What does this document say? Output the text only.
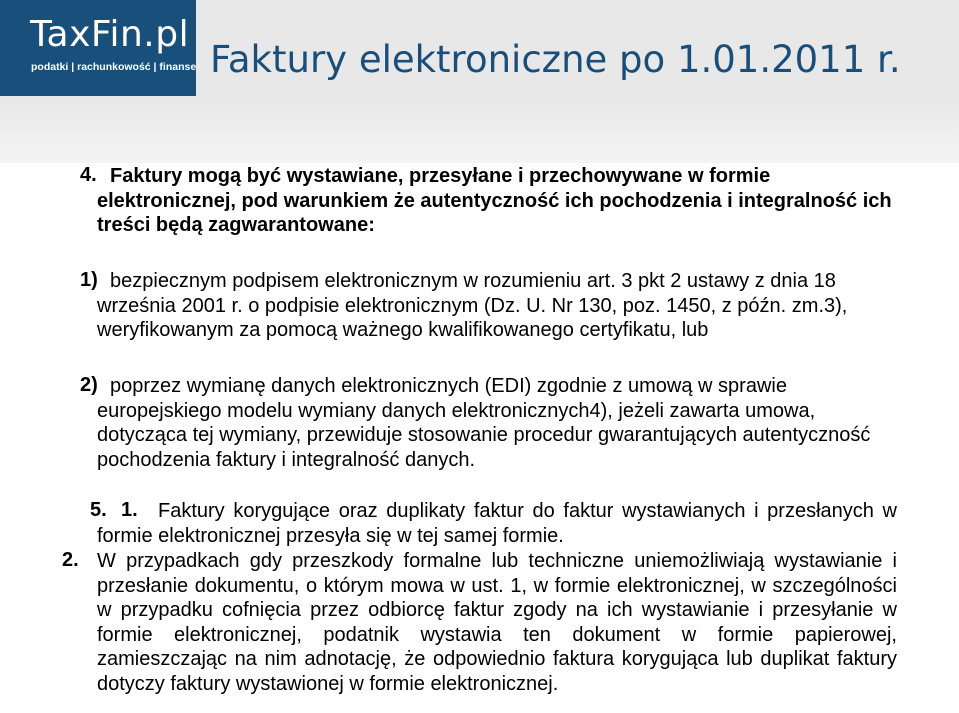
TaxFin.pl
podatki | rachunkowość | finanse Faktury elektroniczne po 1.01.2011 r.
4. Faktury mogą być wystawiane, przesyłane i przechowywane w formie elektronicznej, pod warunkiem że autentyczność ich pochodzenia i integralność ich treści będą zagwarantowane:

1) bezpiecznym podpisem elektronicznym w rozumieniu art. 3 pkt 2 ustawy z dnia 18 września 2001 r. o podpisie elektronicznym (Dz. U. Nr 130, poz. 1450, z późn. zm.3), weryfikowanym za pomocą ważnego kwalifikowanego certyfikatu, lub

2) poprzez wymianę danych elektronicznych (EDI) zgodnie z umową w sprawie europejskiego modelu wymiany danych elektronicznych4), jeżeli zawarta umowa, dotycząca tej wymiany, przewiduje stosowanie procedur gwarantujących autentyczność pochodzenia faktury i integralność danych.

5. 1.	Faktury korygujące oraz duplikaty faktur do faktur wystawianych i przesłanych w formie elektronicznej przesyła się w tej samej formie.

2. W przypadkach gdy przeszkody formalne lub techniczne uniemożliwiają wystawianie i przesłanie dokumentu, o którym mowa w ust. 1, w formie elektronicznej, w szczególności w przypadku cofnięcia przez odbiorcę faktur zgody na ich wystawianie i przesyłanie w formie elektronicznej, podatnik wystawia ten dokument w formie papierowej, zamieszczając na nim adnotację, że odpowiednio faktura korygująca lub duplikat faktury dotyczy faktury wystawionej w formie elektronicznej.
